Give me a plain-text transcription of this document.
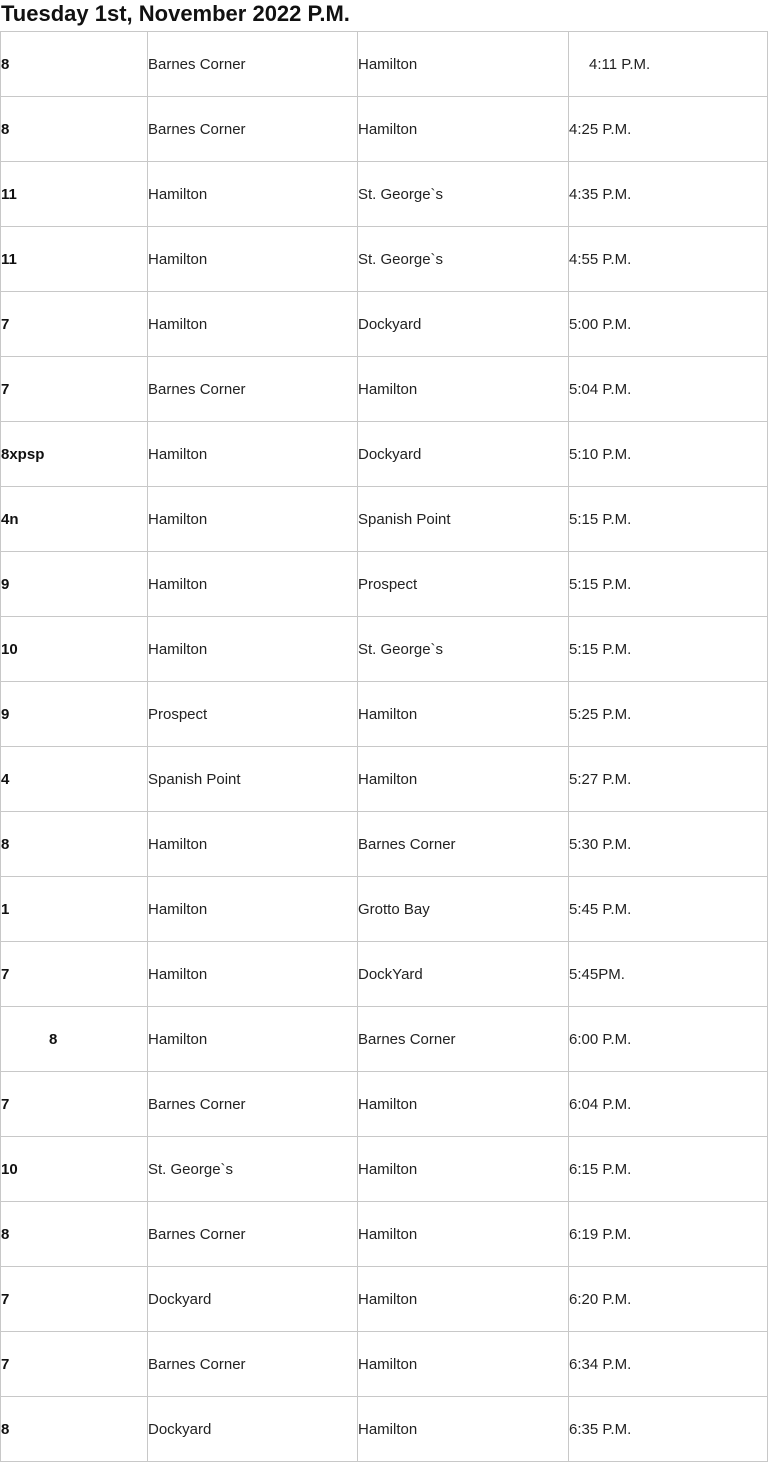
Tuesday 1st, November 2022 P.M.
8	Barnes Corner	Hamilton	4:11 P.M.
8	Barnes Corner	Hamilton	4:25 P.M.
11	Hamilton	St. George`s	4:35 P.M.
11	Hamilton	St. George`s	4:55 P.M.
7	Hamilton	Dockyard	5:00 P.M.
7	Barnes Corner	Hamilton	5:04 P.M.
8xpsp	Hamilton	Dockyard	5:10 P.M.
4n	Hamilton	Spanish Point	5:15 P.M.
9	Hamilton	Prospect	5:15 P.M.
10	Hamilton	St. George`s	5:15 P.M.
9	Prospect	Hamilton	5:25 P.M.
4	Spanish Point	Hamilton	5:27 P.M.
8	Hamilton	Barnes Corner	5:30 P.M.
1	Hamilton	Grotto Bay	5:45 P.M.
7	Hamilton	DockYard	5:45PM.
8	Hamilton	Barnes Corner	6:00 P.M.
7	Barnes Corner	Hamilton	6:04 P.M.
10	St. George`s	Hamilton	6:15 P.M.
8	Barnes Corner	Hamilton	6:19 P.M.
7	Dockyard	Hamilton	6:20 P.M.
7	Barnes Corner	Hamilton	6:34 P.M.
8	Dockyard	Hamilton	6:35 P.M.
